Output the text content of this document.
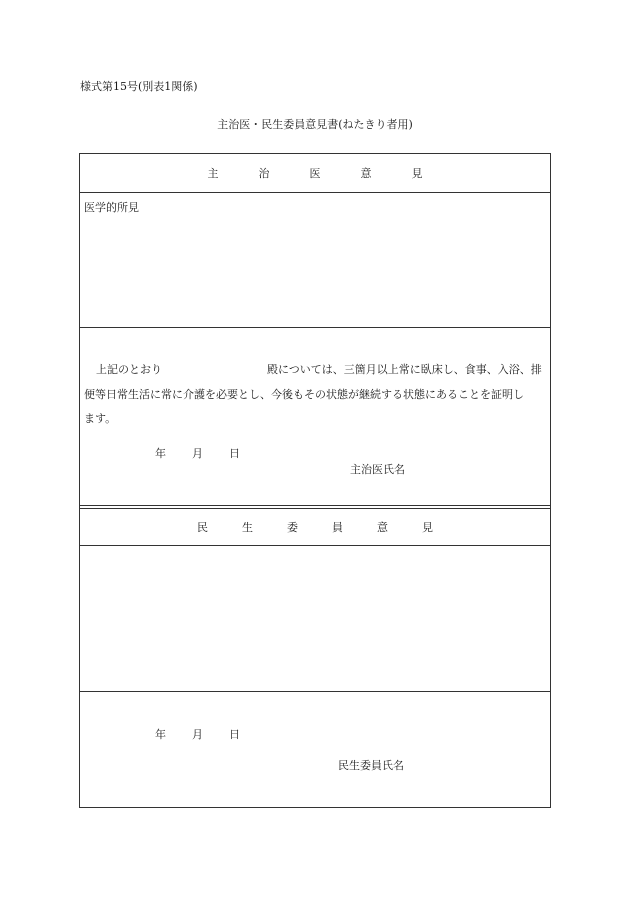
様式第15号(別表1関係)
主治医・民生委員意見書(ねたきり者用)
主	治	医	意	見
医学的所見
上記のとおり	殿については、三箇月以上常に臥床し、食事、入浴、排
便等日常生活に常に介護を必要とし、今後もその状態が継続する状態にあることを証明し
ます。
年 月 日
主治医氏名
民	生	委	員	意	見
年 月 日
民生委員氏名
